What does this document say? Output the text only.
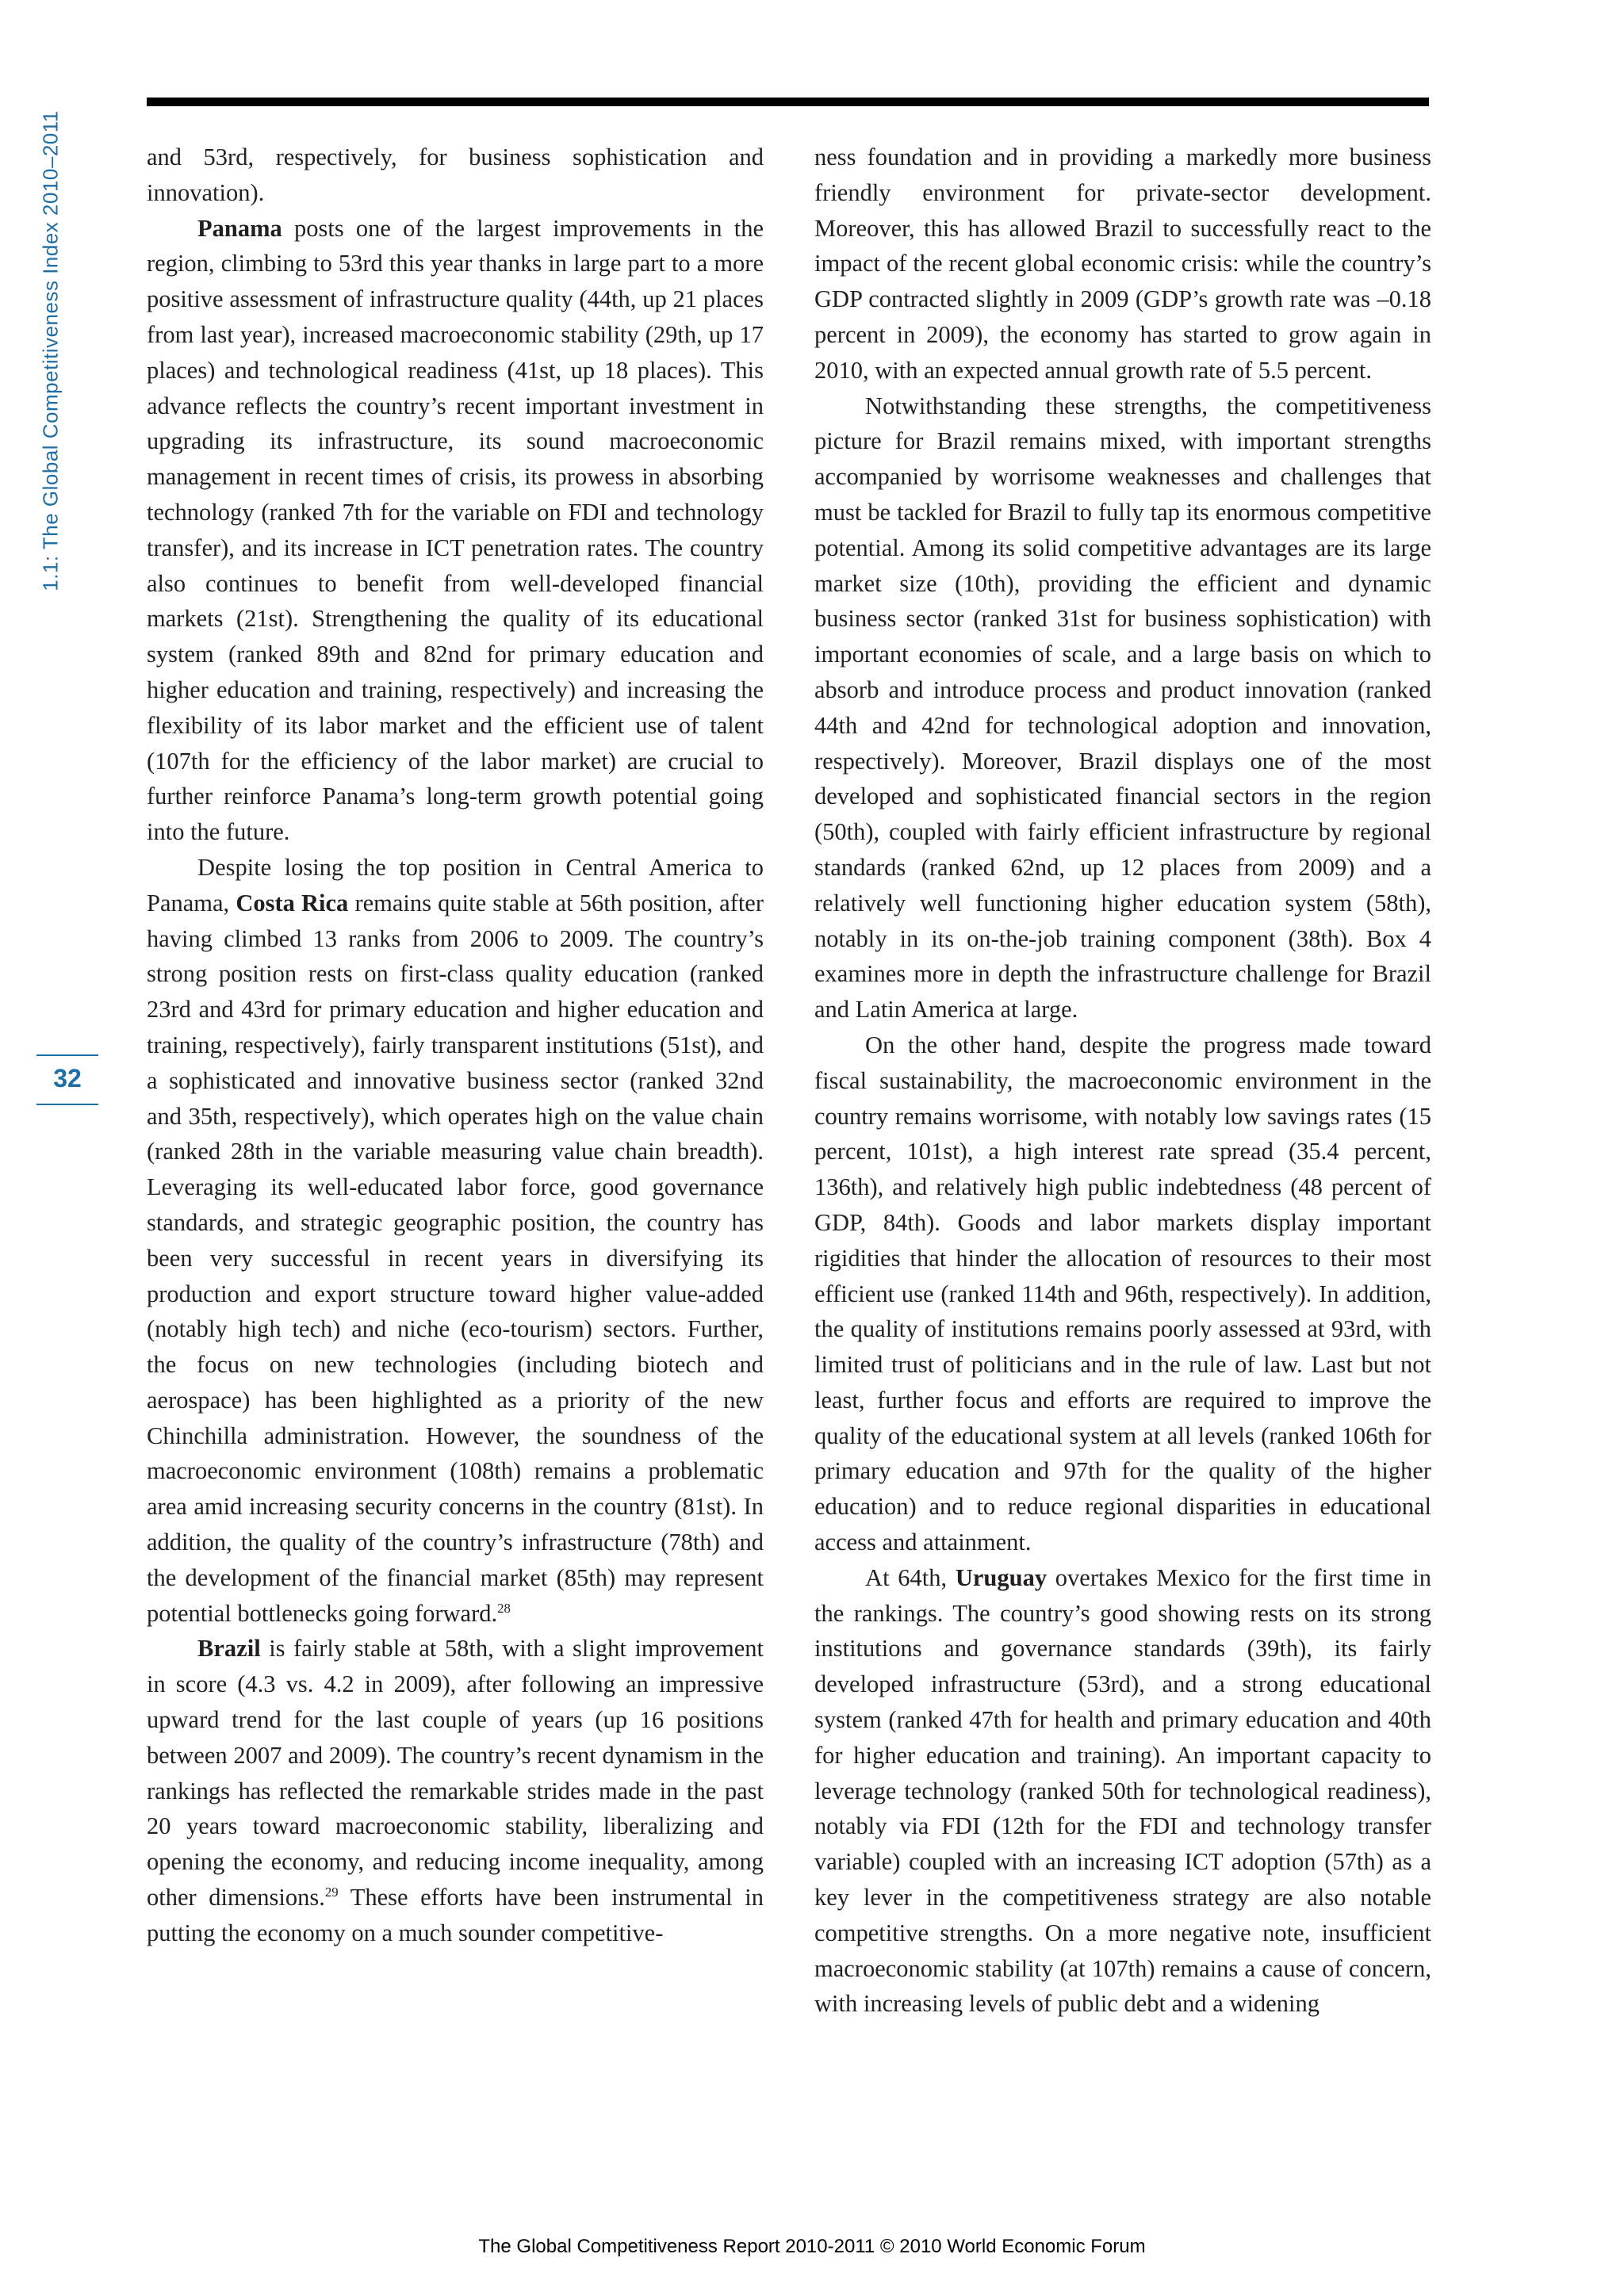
1.1: The Global Competitiveness Index 2010–2011
32

and 53rd, respectively, for business sophistication and innovation).

Panama posts one of the largest improvements in the region, climbing to 53rd this year thanks in large part to a more positive assessment of infrastructure quality (44th, up 21 places from last year), increased macroeconomic stability (29th, up 17 places) and technological readiness (41st, up 18 places). This advance reflects the country’s recent important investment in upgrading its infrastructure, its sound macroeconomic management in recent times of crisis, its prowess in absorbing technology (ranked 7th for the variable on FDI and technology transfer), and its increase in ICT penetration rates. The country also continues to benefit from well-developed financial markets (21st). Strengthening the quality of its educational system (ranked 89th and 82nd for primary education and higher education and training, respectively) and increasing the flexibility of its labor market and the efficient use of talent (107th for the efficiency of the labor market) are crucial to further reinforce Panama’s long-term growth potential going into the future.

Despite losing the top position in Central America to Panama, Costa Rica remains quite stable at 56th position, after having climbed 13 ranks from 2006 to 2009. The country’s strong position rests on first-class quality education (ranked 23rd and 43rd for primary education and higher education and training, respectively), fairly transparent institutions (51st), and a sophisticated and innovative business sector (ranked 32nd and 35th, respectively), which operates high on the value chain (ranked 28th in the variable measuring value chain breadth). Leveraging its well-educated labor force, good governance standards, and strategic geographic position, the country has been very successful in recent years in diversifying its production and export structure toward higher value-added (notably high tech) and niche (eco-tourism) sectors. Further, the focus on new technologies (including biotech and aerospace) has been highlighted as a priority of the new Chinchilla administration. However, the soundness of the macroeconomic environment (108th) remains a problematic area amid increasing security concerns in the country (81st). In addition, the quality of the country’s infrastructure (78th) and the development of the financial market (85th) may represent potential bottlenecks going forward.$^{28}$

Brazil is fairly stable at 58th, with a slight improvement in score (4.3 vs. 4.2 in 2009), after following an impressive upward trend for the last couple of years (up 16 positions between 2007 and 2009). The country’s recent dynamism in the rankings has reflected the remarkable strides made in the past 20 years toward macroeconomic stability, liberalizing and opening the economy, and reducing income inequality, among other dimensions.$^{29}$ These efforts have been instrumental in putting the economy on a much sounder competitive-

ness foundation and in providing a markedly more business friendly environment for private-sector development. Moreover, this has allowed Brazil to successfully react to the impact of the recent global economic crisis: while the country’s GDP contracted slightly in 2009 (GDP’s growth rate was –0.18 percent in 2009), the economy has started to grow again in 2010, with an expected annual growth rate of 5.5 percent.

Notwithstanding these strengths, the competitiveness picture for Brazil remains mixed, with important strengths accompanied by worrisome weaknesses and challenges that must be tackled for Brazil to fully tap its enormous competitive potential. Among its solid competitive advantages are its large market size (10th), providing the efficient and dynamic business sector (ranked 31st for business sophistication) with important economies of scale, and a large basis on which to absorb and introduce process and product innovation (ranked 44th and 42nd for technological adoption and innovation, respectively). Moreover, Brazil displays one of the most developed and sophisticated financial sectors in the region (50th), coupled with fairly efficient infrastructure by regional standards (ranked 62nd, up 12 places from 2009) and a relatively well functioning higher education system (58th), notably in its on-the-job training component (38th). Box 4 examines more in depth the infrastructure challenge for Brazil and Latin America at large.

On the other hand, despite the progress made toward fiscal sustainability, the macroeconomic environment in the country remains worrisome, with notably low savings rates (15 percent, 101st), a high interest rate spread (35.4 percent, 136th), and relatively high public indebtedness (48 percent of GDP, 84th). Goods and labor markets display important rigidities that hinder the allocation of resources to their most efficient use (ranked 114th and 96th, respectively). In addition, the quality of institutions remains poorly assessed at 93rd, with limited trust of politicians and in the rule of law. Last but not least, further focus and efforts are required to improve the quality of the educational system at all levels (ranked 106th for primary education and 97th for the quality of the higher education) and to reduce regional disparities in educational access and attainment.

At 64th, Uruguay overtakes Mexico for the first time in the rankings. The country’s good showing rests on its strong institutions and governance standards (39th), its fairly developed infrastructure (53rd), and a strong educational system (ranked 47th for health and primary education and 40th for higher education and training). An important capacity to leverage technology (ranked 50th for technological readiness), notably via FDI (12th for the FDI and technology transfer variable) coupled with an increasing ICT adoption (57th) as a key lever in the competitiveness strategy are also notable competitive strengths. On a more negative note, insufficient macroeconomic stability (at 107th) remains a cause of concern, with increasing levels of public debt and a widening

The Global Competitiveness Report 2010-2011 © 2010 World Economic Forum
